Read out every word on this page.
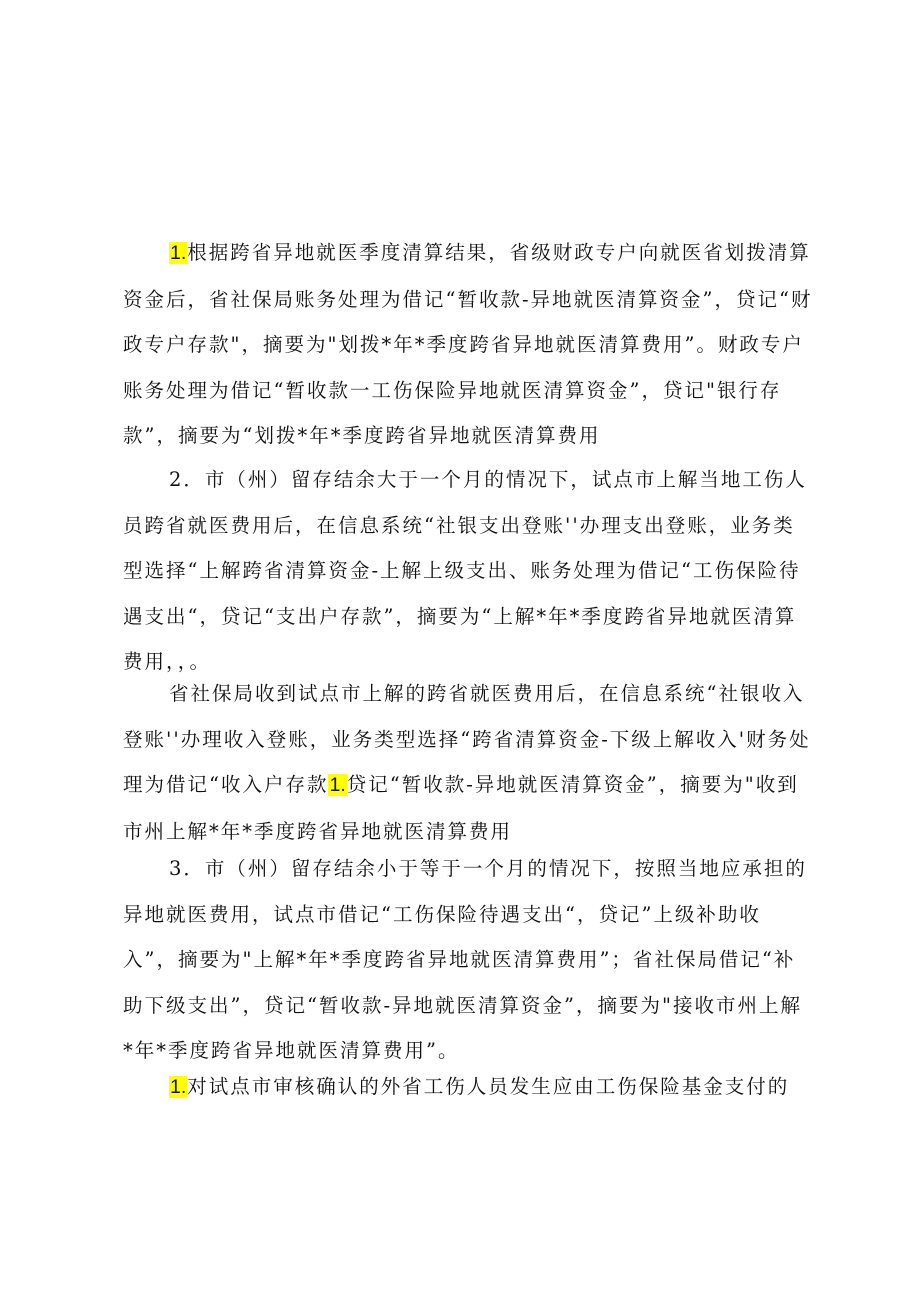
1.根据跨省异地就医季度清算结果，省级财政专户向就医省划拨清算资金后，省社保局账务处理为借记“暂收款-异地就医清算资金”，贷记“财政专户存款"，摘要为"划拨*年*季度跨省异地就医清算费用”。财政专户账务处理为借记“暂收款一工伤保险异地就医清算资金”，贷记"银行存款”，摘要为“划拨*年*季度跨省异地就医清算费用

2．市（州）留存结余大于一个月的情况下，试点市上解当地工伤人员跨省就医费用后，在信息系统“社银支出登账''办理支出登账，业务类型选择“上解跨省清算资金-上解上级支出、账务处理为借记“工伤保险待遇支出“，贷记“支出户存款”，摘要为“上解*年*季度跨省异地就医清算费用，，。

省社保局收到试点市上解的跨省就医费用后，在信息系统“社银收入登账''办理收入登账，业务类型选择“跨省清算资金-下级上解收入'财务处理为借记“收入户存款1.贷记“暂收款-异地就医清算资金”，摘要为"收到市州上解*年*季度跨省异地就医清算费用

3．市（州）留存结余小于等于一个月的情况下，按照当地应承担的异地就医费用，试点市借记“工伤保险待遇支出“，贷记”上级补助收入”，摘要为"上解*年*季度跨省异地就医清算费用”；省社保局借记“补助下级支出”，贷记“暂收款-异地就医清算资金”，摘要为"接收市州上解*年*季度跨省异地就医清算费用”。

1.对试点市审核确认的外省工伤人员发生应由工伤保险基金支付的
